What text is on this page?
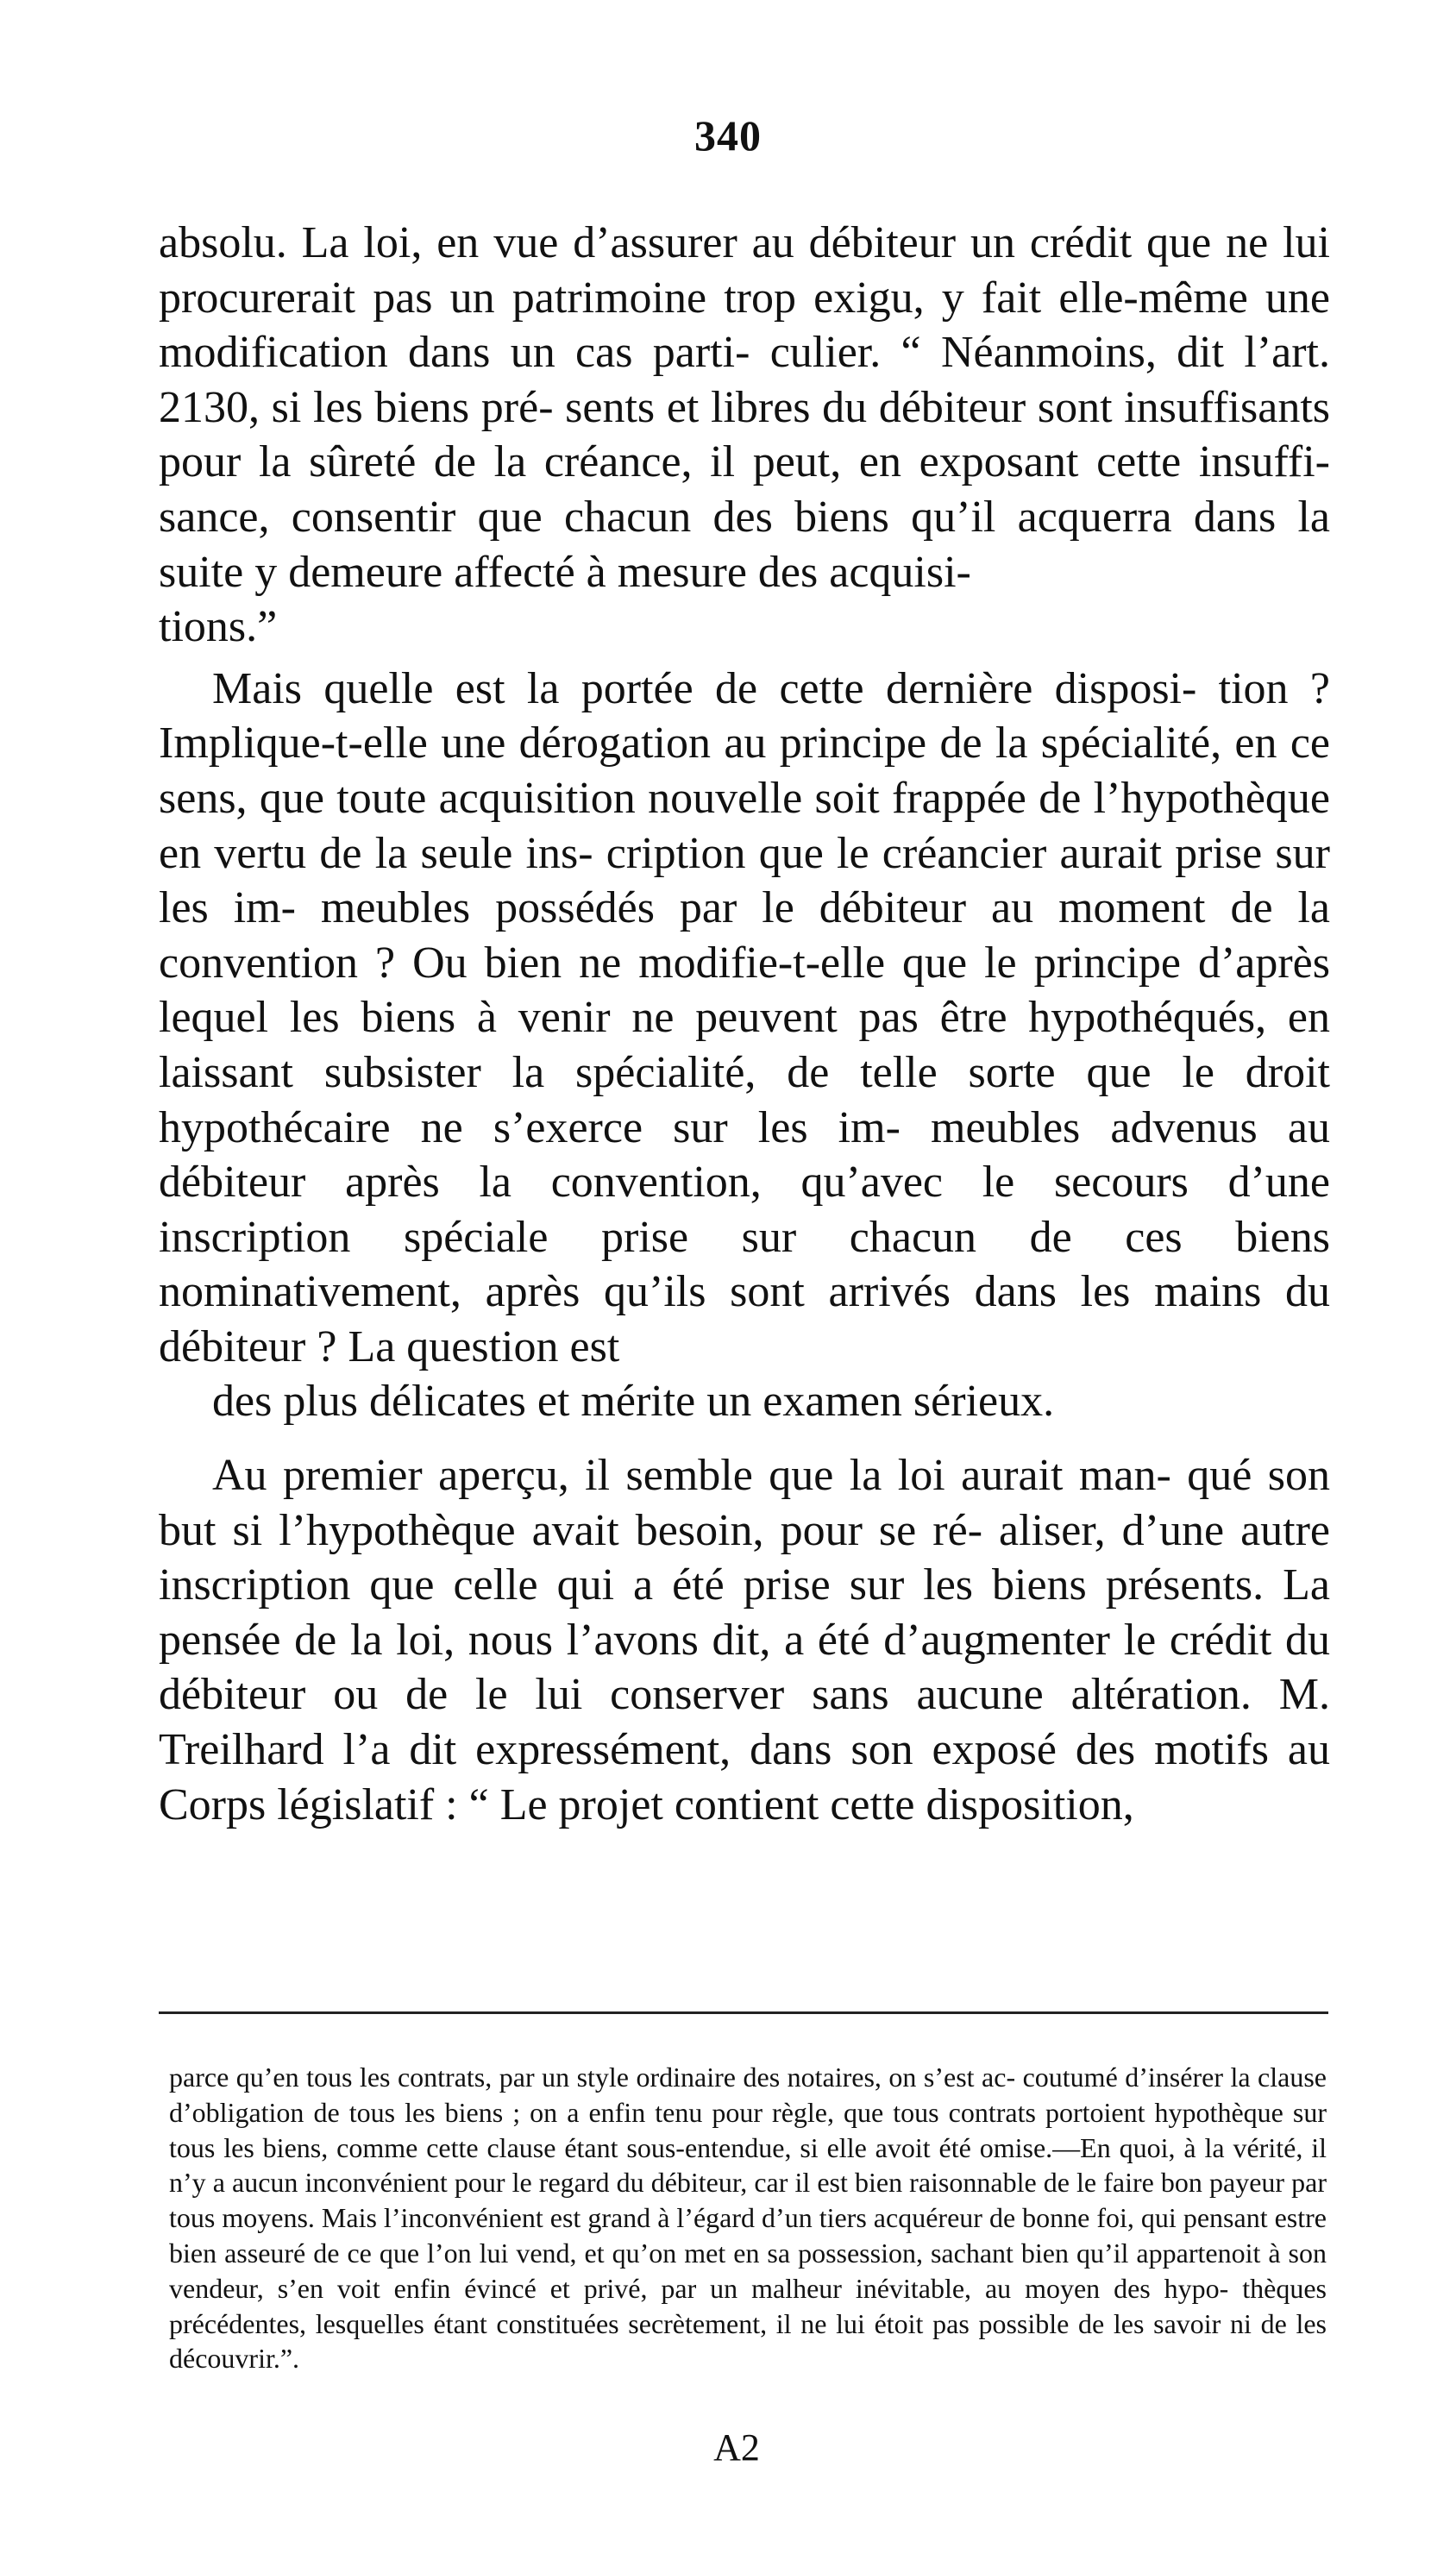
340

absolu. La loi, en vue d’assurer au débiteur un crédit que ne lui procurerait pas un patrimoine trop exigu, y fait elle-même une modification dans un cas parti- culier. “ Néanmoins, dit l’art. 2130, si les biens pré- sents et libres du débiteur sont insuffisants pour la sûreté de la créance, il peut, en exposant cette insuffi- sance, consentir que chacun des biens qu’il acquerra dans la suite y demeure affecté à mesure des acquisi-
tions.”

Mais quelle est la portée de cette dernière disposi- tion ? Implique-t-elle une dérogation au principe de la spécialité, en ce sens, que toute acquisition nouvelle soit frappée de l’hypothèque en vertu de la seule ins- cription que le créancier aurait prise sur les im- meubles possédés par le débiteur au moment de la convention ? Ou bien ne modifie-t-elle que le principe d’après lequel les biens à venir ne peuvent pas être hypothéqués, en laissant subsister la spécialité, de telle sorte que le droit hypothécaire ne s’exerce sur les im- meubles advenus au débiteur après la convention, qu’avec le secours d’une inscription spéciale prise sur chacun de ces biens nominativement, après qu’ils sont arrivés dans les mains du débiteur ? La question est
des plus délicates et mérite un examen sérieux.

Au premier aperçu, il semble que la loi aurait man- qué son but si l’hypothèque avait besoin, pour se ré- aliser, d’une autre inscription que celle qui a été prise sur les biens présents. La pensée de la loi, nous l’avons dit, a été d’augmenter le crédit du débiteur ou de le lui conserver sans aucune altération. M. Treilhard l’a dit expressément, dans son exposé des motifs au Corps législatif : “ Le projet contient cette disposition,

parce qu’en tous les contrats, par un style ordinaire des notaires, on s’est ac- coutumé d’insérer la clause d’obligation de tous les biens ; on a enfin tenu pour règle, que tous contrats portoient hypothèque sur tous les biens, comme cette clause étant sous-entendue, si elle avoit été omise.—En quoi, à la vérité, il n’y a aucun inconvénient pour le regard du débiteur, car il est bien raisonnable de le faire bon payeur par tous moyens. Mais l’inconvénient est grand à l’égard d’un tiers acquéreur de bonne foi, qui pensant estre bien asseuré de ce que l’on lui vend, et qu’on met en sa possession, sachant bien qu’il appartenoit à son vendeur, s’en voit enfin évincé et privé, par un malheur inévitable, au moyen des hypo- thèques précédentes, lesquelles étant constituées secrètement, il ne lui étoit pas possible de les savoir ni de les découvrir.”.

A2
